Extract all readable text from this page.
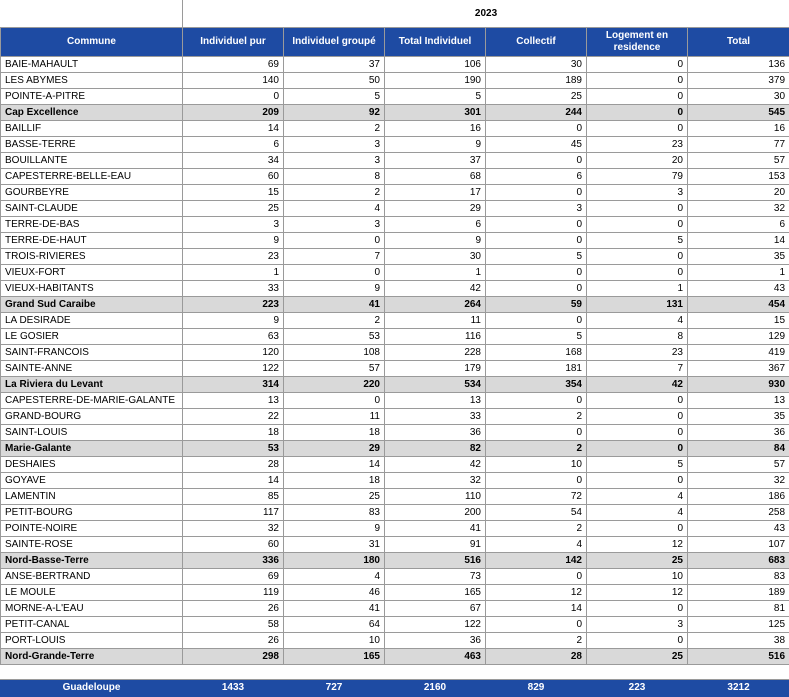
	2023					
Commune	Individuel pur	Individuel groupé	Total Individuel	Collectif	Logement en residence	Total
BAIE-MAHAULT	69	37	106	30	0	136
LES ABYMES	140	50	190	189	0	379
POINTE-A-PITRE	0	5	5	25	0	30
Cap Excellence	209	92	301	244	0	545
BAILLIF	14	2	16	0	0	16
BASSE-TERRE	6	3	9	45	23	77
BOUILLANTE	34	3	37	0	20	57
CAPESTERRE-BELLE-EAU	60	8	68	6	79	153
GOURBEYRE	15	2	17	0	3	20
SAINT-CLAUDE	25	4	29	3	0	32
TERRE-DE-BAS	3	3	6	0	0	6
TERRE-DE-HAUT	9	0	9	0	5	14
TROIS-RIVIERES	23	7	30	5	0	35
VIEUX-FORT	1	0	1	0	0	1
VIEUX-HABITANTS	33	9	42	0	1	43
Grand Sud Caraibe	223	41	264	59	131	454
LA DESIRADE	9	2	11	0	4	15
LE GOSIER	63	53	116	5	8	129
SAINT-FRANCOIS	120	108	228	168	23	419
SAINTE-ANNE	122	57	179	181	7	367
La Riviera du Levant	314	220	534	354	42	930
CAPESTERRE-DE-MARIE-GALANTE	13	0	13	0	0	13
GRAND-BOURG	22	11	33	2	0	35
SAINT-LOUIS	18	18	36	0	0	36
Marie-Galante	53	29	82	2	0	84
DESHAIES	28	14	42	10	5	57
GOYAVE	14	18	32	0	0	32
LAMENTIN	85	25	110	72	4	186
PETIT-BOURG	117	83	200	54	4	258
POINTE-NOIRE	32	9	41	2	0	43
SAINTE-ROSE	60	31	91	4	12	107
Nord-Basse-Terre	336	180	516	142	25	683
ANSE-BERTRAND	69	4	73	0	10	83
LE MOULE	119	46	165	12	12	189
MORNE-A-L'EAU	26	41	67	14	0	81
PETIT-CANAL	58	64	122	0	3	125
PORT-LOUIS	26	10	36	2	0	38
Nord-Grande-Terre	298	165	463	28	25	516

Guadeloupe	1433	727	2160	829	223	3212
